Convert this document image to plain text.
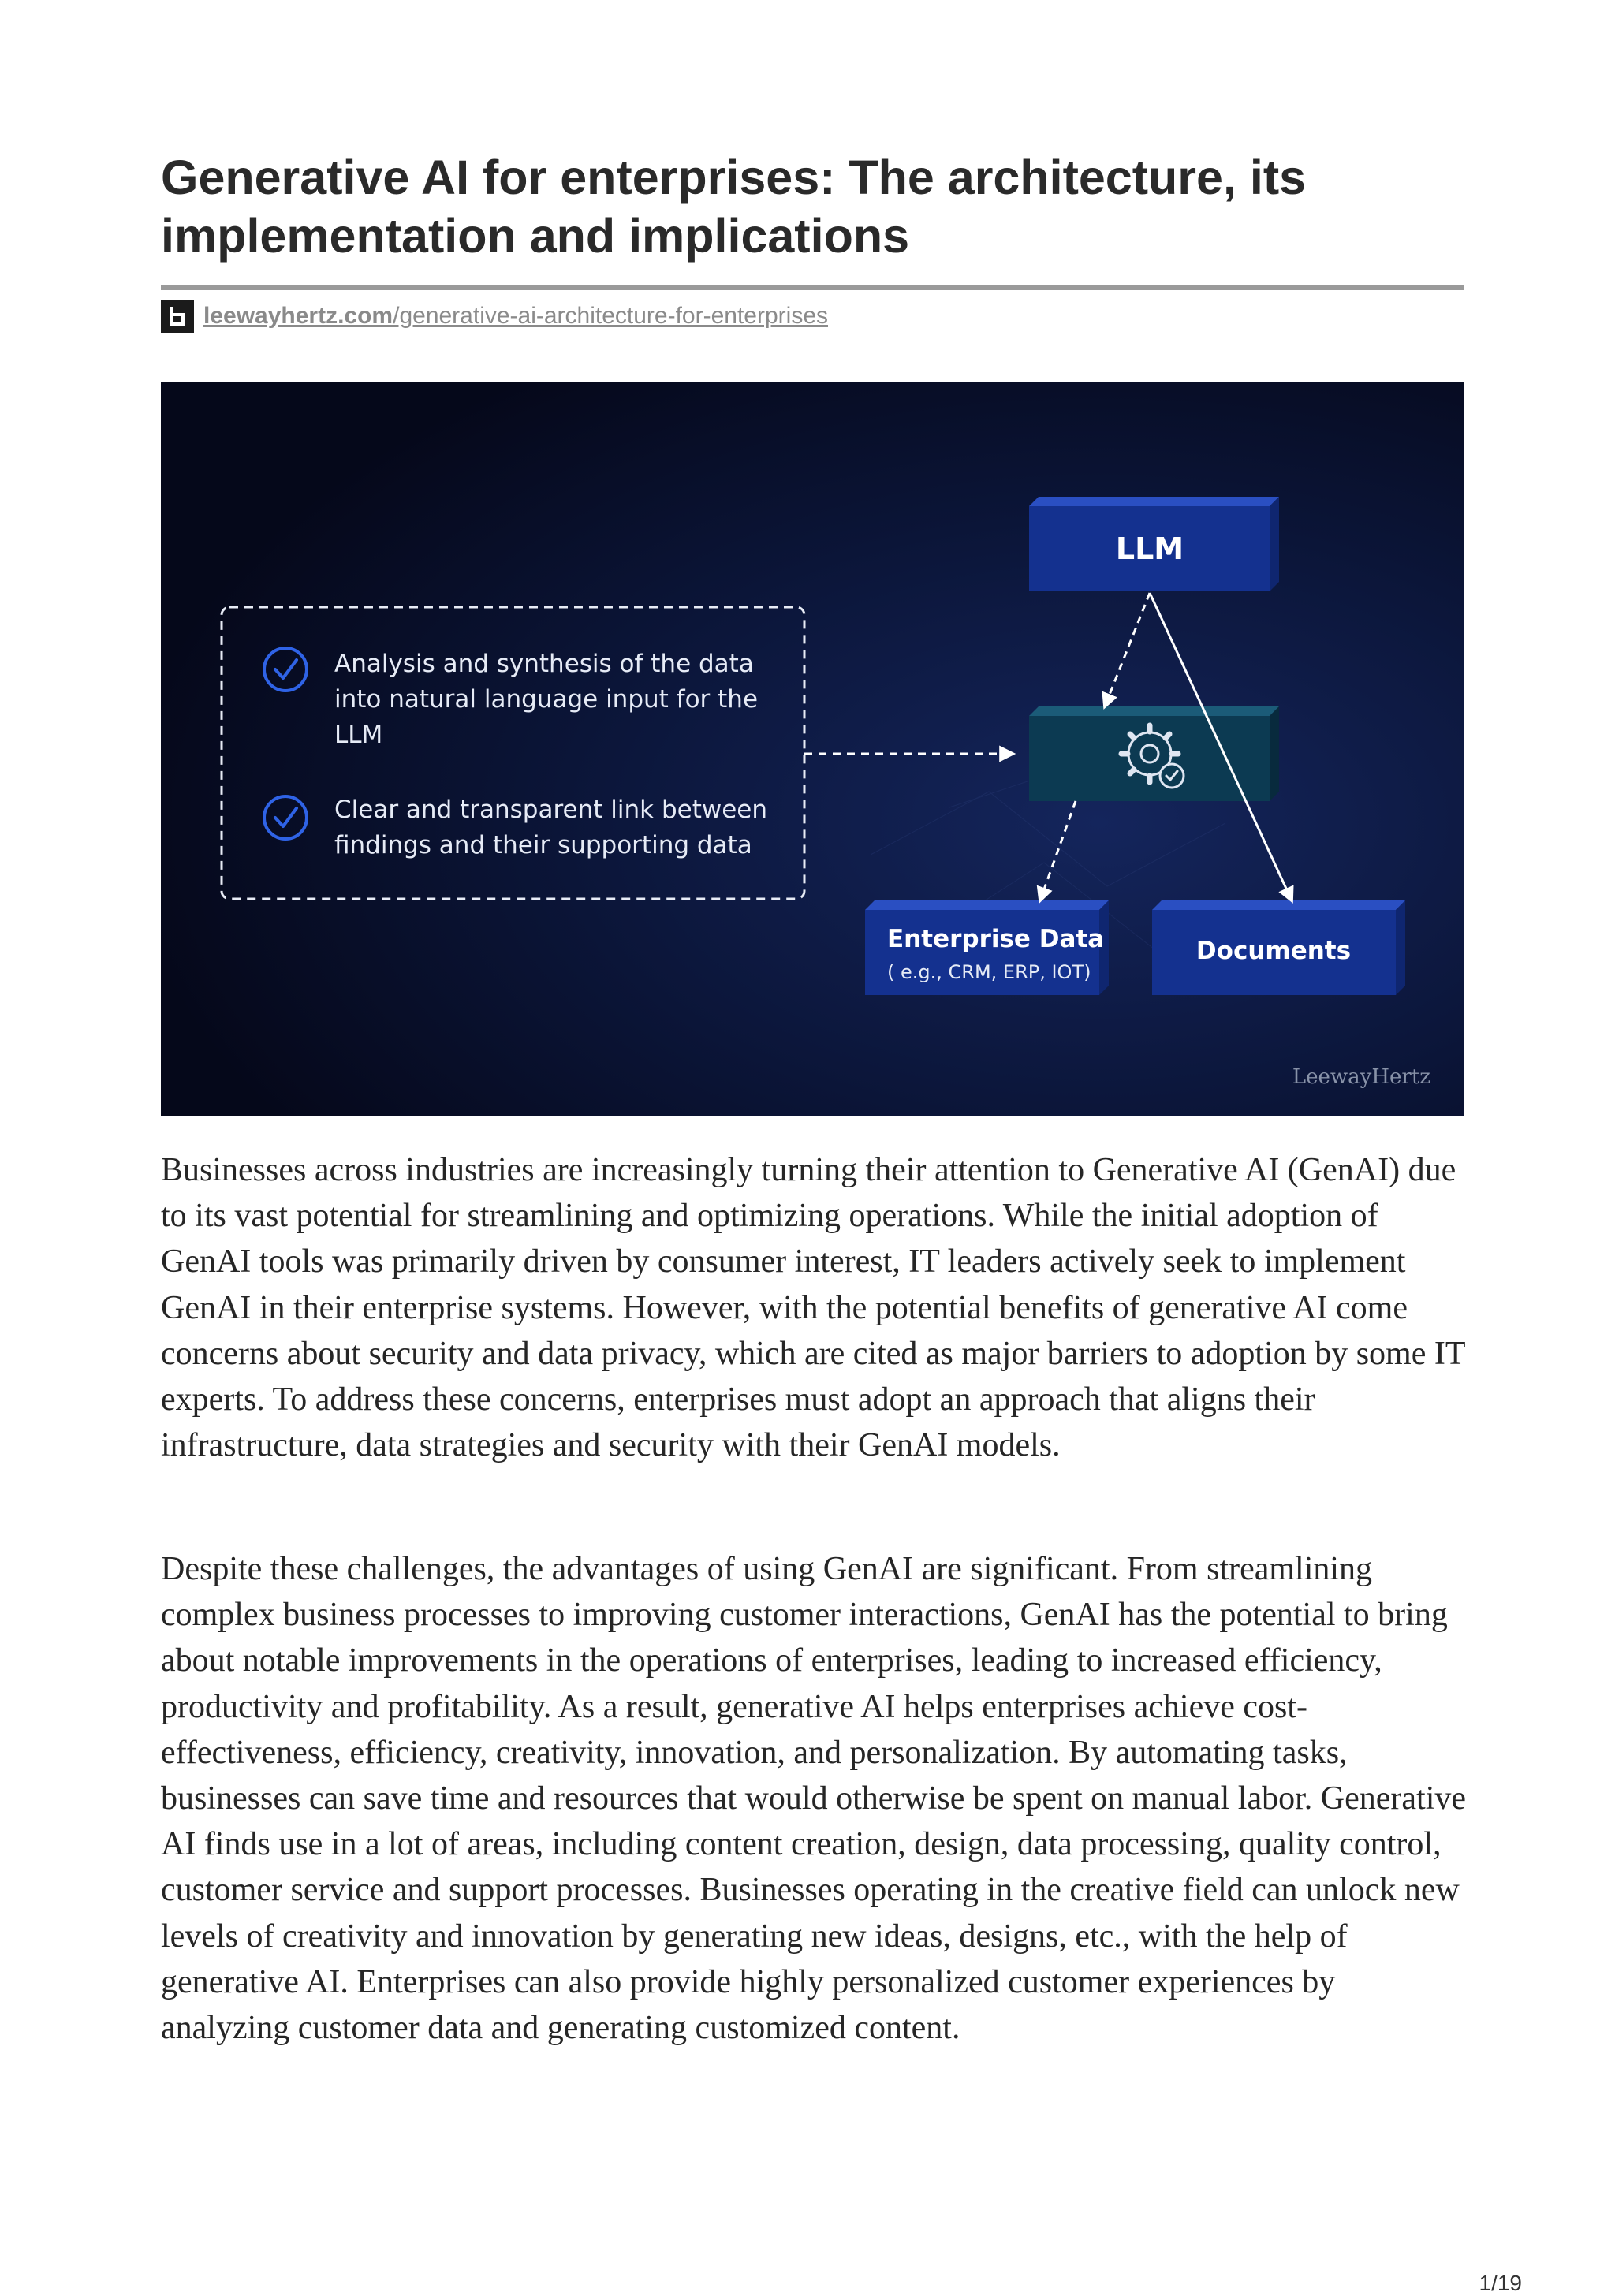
Generative AI for enterprises: The architecture, its implementation and implications
leewayhertz.com /generative-ai-architecture-for-enterprises
Analysis and synthesis of the data
into natural language input for the
LLM
Clear and transparent link between
findings and their supporting data
LLM
Enterprise Data
( e.g., CRM, ERP, IOT)
Documents
LeewayHertz

Businesses across industries are increasingly turning their attention to Generative AI (GenAI) due to its vast potential for streamlining and optimizing operations. While the initial adoption of GenAI tools was primarily driven by consumer interest, IT leaders actively seek to implement GenAI in their enterprise systems. However, with the potential benefits of generative AI come concerns about security and data privacy, which are cited as major barriers to adoption by some IT experts. To address these concerns, enterprises must adopt an approach that aligns their infrastructure, data strategies and security with their GenAI models.

Despite these challenges, the advantages of using GenAI are significant. From streamlining complex business processes to improving customer interactions, GenAI has the potential to bring about notable improvements in the operations of enterprises, leading to increased efficiency, productivity and profitability. As a result, generative AI helps enterprises achieve cost-effectiveness, efficiency, creativity, innovation, and personalization. By automating tasks, businesses can save time and resources that would otherwise be spent on manual labor. Generative AI finds use in a lot of areas, including content creation, design, data processing, quality control, customer service and support processes. Businesses operating in the creative field can unlock new levels of creativity and innovation by generating new ideas, designs, etc., with the help of generative AI. Enterprises can also provide highly personalized customer experiences by analyzing customer data and generating customized content.

1/19
